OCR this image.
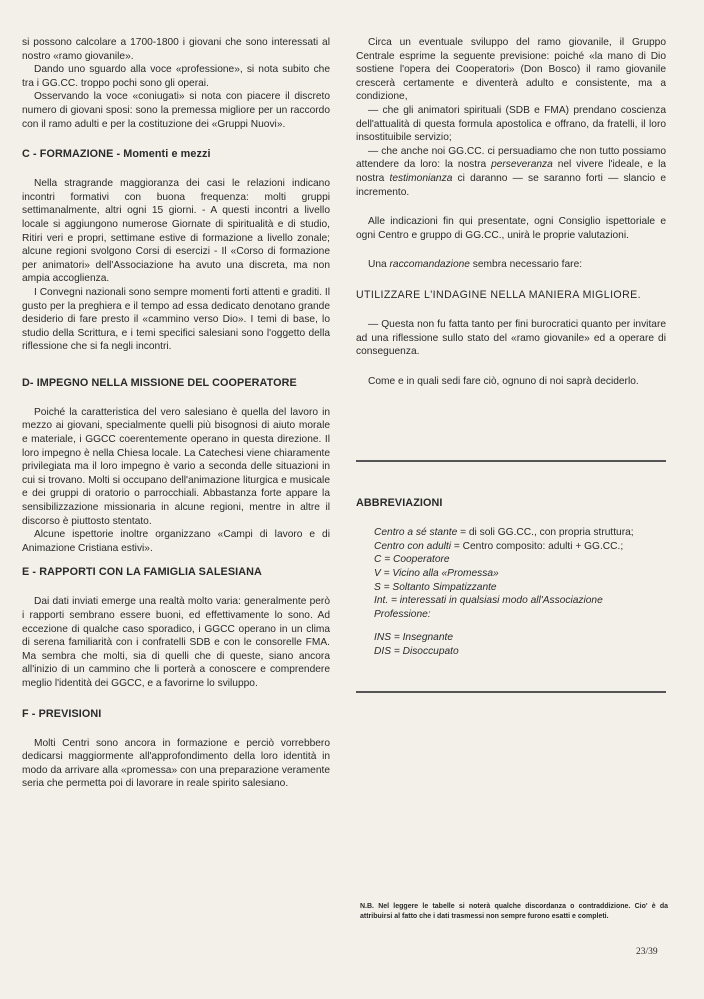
si possono calcolare a 1700-1800 i giovani che sono interessati al nostro «ramo giovanile».

Dando uno sguardo alla voce «professione», si nota subito che tra i GG.CC. troppo pochi sono gli operai.

Osservando la voce «coniugati» si nota con piacere il discreto numero di giovani sposi: sono la premessa migliore per un raccordo con il ramo adulti e per la costituzione dei «Gruppi Nuovi».

C - FORMAZIONE - Momenti e mezzi

Nella stragrande maggioranza dei casi le relazioni indicano incontri formativi con buona frequenza: molti gruppi settimanalmente, altri ogni 15 giorni. - A questi incontri a livello locale si aggiungono numerose Giornate di spiritualità e di studio, Ritiri veri e propri, settimane estive di formazione a livello zonale; alcune regioni svolgono Corsi di esercizi - Il «Corso di formazione per animatori» dell'Associazione ha avuto una discreta, ma non ampia accoglienza.

I Convegni nazionali sono sempre momenti forti attenti e graditi. Il gusto per la preghiera e il tempo ad essa dedicato denotano grande desiderio di fare presto il «cammino verso Dio». I temi di base, lo studio della Scrittura, e i temi specifici salesiani sono l'oggetto della riflessione che si fa negli incontri.

D- IMPEGNO NELLA MISSIONE DEL COOPERATORE

Poiché la caratteristica del vero salesiano è quella del lavoro in mezzo ai giovani, specialmente quelli più bisognosi di aiuto morale e materiale, i GGCC coerentemente operano in questa direzione. Il loro impegno è nella Chiesa locale. La Catechesi viene chiaramente privilegiata ma il loro impegno è vario a seconda delle situazioni in cui si trovano. Molti si occupano dell'animazione liturgica e musicale e dei gruppi di oratorio o parrocchiali. Abbastanza forte appare la sensibilizzazione missionaria in alcune regioni, mentre in altre il discorso è piuttosto stentato.

Alcune ispettorie inoltre organizzano «Campi di lavoro e di Animazione Cristiana estivi».

E - RAPPORTI CON LA FAMIGLIA SALESIANA

Dai dati inviati emerge una realtà molto varia: generalmente però i rapporti sembrano essere buoni, ed effettivamente lo sono. Ad eccezione di qualche caso sporadico, i GGCC operano in un clima di serena familiarità con i confratelli SDB e con le consorelle FMA. Ma sembra che molti, sia di quelli che di queste, siano ancora all'inizio di un cammino che li porterà a conoscere e comprendere meglio l'identità dei GGCC, e a favorirne lo sviluppo.

F - PREVISIONI

Molti Centri sono ancora in formazione e perciò vorrebbero dedicarsi maggiormente all'approfondimento della loro identità in modo da arrivare alla «promessa» con una preparazione veramente seria che permetta poi di lavorare in reale spirito salesiano.

Circa un eventuale sviluppo del ramo giovanile, il Gruppo Centrale esprime la seguente previsione: poiché «la mano di Dio sostiene l'opera dei Cooperatori» (Don Bosco) il ramo giovanile crescerà certamente e diventerà adulto e consistente, ma a condizione,

— che gli animatori spirituali (SDB e FMA) prendano coscienza dell'attualità di questa formula apostolica e offrano, da fratelli, il loro insostituibile servizio;

— che anche noi GG.CC. ci persuadiamo che non tutto possiamo attendere da loro: la nostra perseveranza nel vivere l'ideale, e la nostra testimonianza ci daranno — se saranno forti — slancio e incremento.

Alle indicazioni fin qui presentate, ogni Consiglio ispettoriale e ogni Centro e gruppo di GG.CC., unirà le proprie valutazioni.

Una raccomandazione sembra necessario fare:

UTILIZZARE L'INDAGINE NELLA MANIERA MIGLIORE.

— Questa non fu fatta tanto per fini burocratici quanto per invitare ad una riflessione sullo stato del «ramo giovanile» ed a operare di conseguenza.

Come e in quali sedi fare ciò, ognuno di noi saprà deciderlo.

ABBREVIAZIONI

Centro a sé stante = di soli GG.CC., con propria struttura;

Centro con adulti = Centro composito: adulti + GG.CC.;

C = Cooperatore

V = Vicino alla «Promessa»

S = Soltanto Simpatizzante

Int. = interessati in qualsiasi modo all'Associazione

Professione:

INS = Insegnante

DIS = Disoccupato

N.B. Nel leggere le tabelle si noterà qualche discordanza o contraddizione. Cio' è da attribuirsi al fatto che i dati trasmessi non sempre furono esatti e completi.
23/39
